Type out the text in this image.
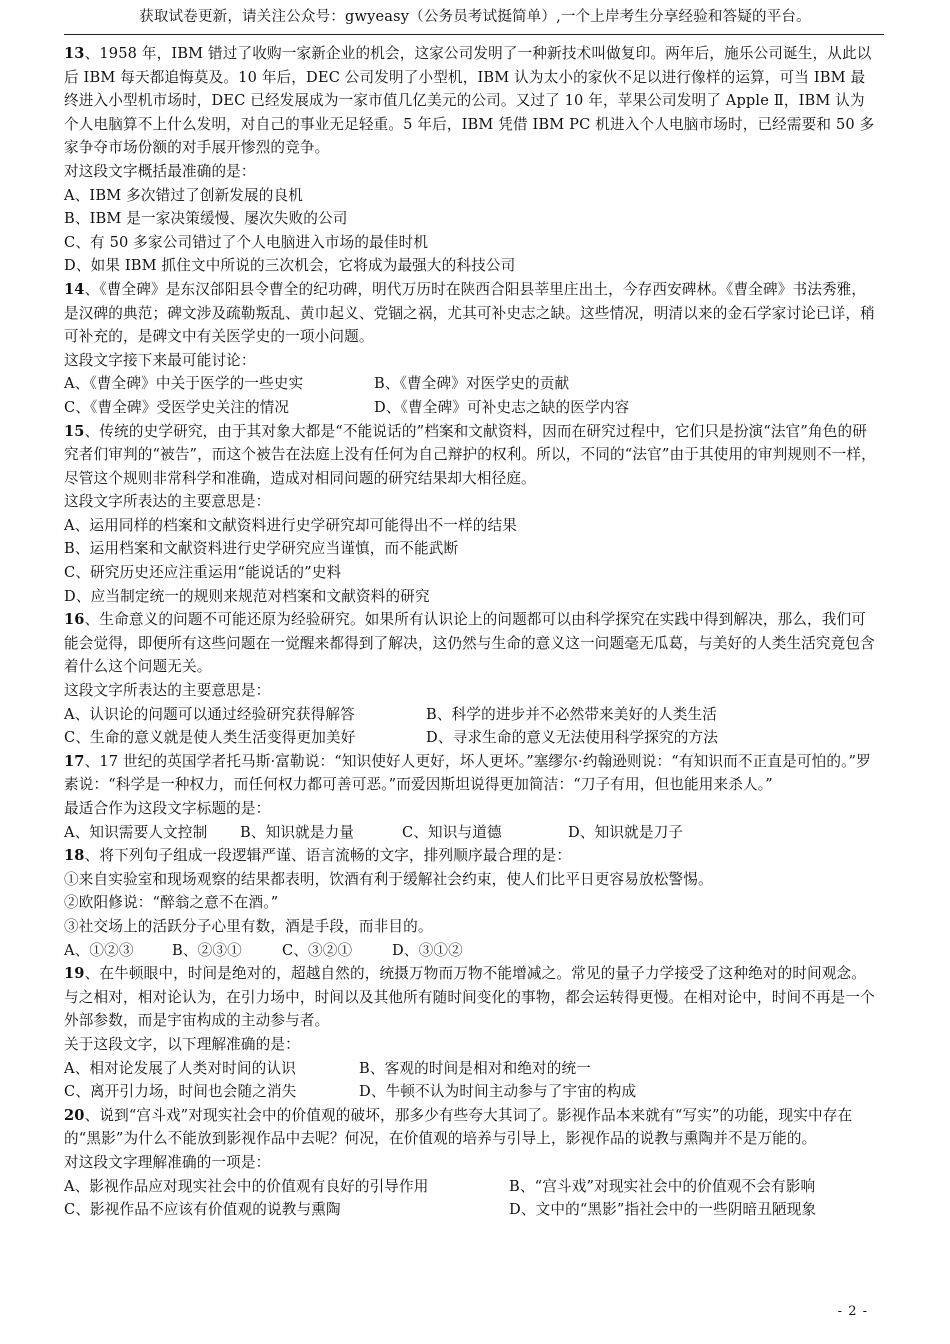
获取试卷更新，请关注公众号：gwyeasy（公务员考试挺简单）,一个上岸考生分享经验和答疑的平台。

13、1958 年，IBM 错过了收购一家新企业的机会，这家公司发明了一种新技术叫做复印。两年后，施乐公司诞生，从此以后 IBM 每天都追悔莫及。10 年后，DEC 公司发明了小型机，IBM 认为太小的家伙不足以进行像样的运算，可当 IBM 最终进入小型机市场时，DEC 已经发展成为一家市值几亿美元的公司。又过了 10 年，苹果公司发明了 Apple Ⅱ，IBM 认为个人电脑算不上什么发明，对自己的事业无足轻重。5 年后，IBM 凭借 IBM PC 机进入个人电脑市场时，已经需要和 50 多家争夺市场份额的对手展开惨烈的竞争。

对这段文字概括最准确的是：

A、IBM 多次错过了创新发展的良机

B、IBM 是一家决策缓慢、屡次失败的公司

C、有 50 多家公司错过了个人电脑进入市场的最佳时机

D、如果 IBM 抓住文中所说的三次机会，它将成为最强大的科技公司

14、《曹全碑》是东汉郃阳县令曹全的纪功碑，明代万历时在陕西合阳县莘里庄出土，今存西安碑林。《曹全碑》书法秀雅，是汉碑的典范；碑文涉及疏勒叛乱、黄巾起义、党锢之祸，尤其可补史志之缺。这些情况，明清以来的金石学家讨论已详，稍可补充的，是碑文中有关医学史的一项小问题。

这段文字接下来最可能讨论：

A、《曹全碑》中关于医学的一些史实	B、《曹全碑》对医学史的贡献

C、《曹全碑》受医学史关注的情况	D、《曹全碑》可补史志之缺的医学内容

15、传统的史学研究，由于其对象大都是“不能说话的”档案和文献资料，因而在研究过程中，它们只是扮演“法官”角色的研究者们审判的“被告”，而这个被告在法庭上没有任何为自己辩护的权利。所以，不同的“法官”由于其使用的审判规则不一样，尽管这个规则非常科学和准确，造成对相同问题的研究结果却大相径庭。

这段文字所表达的主要意思是：

A、运用同样的档案和文献资料进行史学研究却可能得出不一样的结果

B、运用档案和文献资料进行史学研究应当谨慎，而不能武断

C、研究历史还应注重运用“能说话的”史料

D、应当制定统一的规则来规范对档案和文献资料的研究

16、生命意义的问题不可能还原为经验研究。如果所有认识论上的问题都可以由科学探究在实践中得到解决，那么，我们可能会觉得，即便所有这些问题在一觉醒来都得到了解决，这仍然与生命的意义这一问题毫无瓜葛，与美好的人类生活究竟包含着什么这个问题无关。

这段文字所表达的主要意思是：

A、认识论的问题可以通过经验研究获得解答	B、科学的进步并不必然带来美好的人类生活

C、生命的意义就是使人类生活变得更加美好	D、寻求生命的意义无法使用科学探究的方法

17、17 世纪的英国学者托马斯·富勒说：“知识使好人更好，坏人更坏。”塞缪尔·约翰逊则说：“有知识而不正直是可怕的。”罗素说：“科学是一种权力，而任何权力都可善可恶。”而爱因斯坦说得更加简洁：“刀子有用，但也能用来杀人。”

最适合作为这段文字标题的是：

A、知识需要人文控制 B、知识就是力量	C、知识与道德	D、知识就是刀子

18、将下列句子组成一段逻辑严谨、语言流畅的文字，排列顺序最合理的是：

①来自实验室和现场观察的结果都表明，饮酒有利于缓解社会约束，使人们比平日更容易放松警惕。

②欧阳修说：“醉翁之意不在酒。”

③社交场上的活跃分子心里有数，酒是手段，而非目的。

A、①②③	B、②③①	C、③②①	D、③①②

19、在牛顿眼中，时间是绝对的，超越自然的，统摄万物而万物不能增减之。常见的量子力学接受了这种绝对的时间观念。与之相对，相对论认为，在引力场中，时间以及其他所有随时间变化的事物，都会运转得更慢。在相对论中，时间不再是一个外部参数，而是宇宙构成的主动参与者。

关于这段文字，以下理解准确的是：

A、相对论发展了人类对时间的认识	B、客观的时间是相对和绝对的统一

C、离开引力场，时间也会随之消失	D、牛顿不认为时间主动参与了宇宙的构成

20、说到“宫斗戏”对现实社会中的价值观的破坏，那多少有些夸大其词了。影视作品本来就有“写实”的功能，现实中存在的“黑影”为什么不能放到影视作品中去呢？何况，在价值观的培养与引导上，影视作品的说教与熏陶并不是万能的。

对这段文字理解准确的一项是：

A、影视作品应对现实社会中的价值观有良好的引导作用	B、“宫斗戏”对现实社会中的价值观不会有影响

C、影视作品不应该有价值观的说教与熏陶	D、文中的“黑影”指社会中的一些阴暗丑陋现象

- 2 -
